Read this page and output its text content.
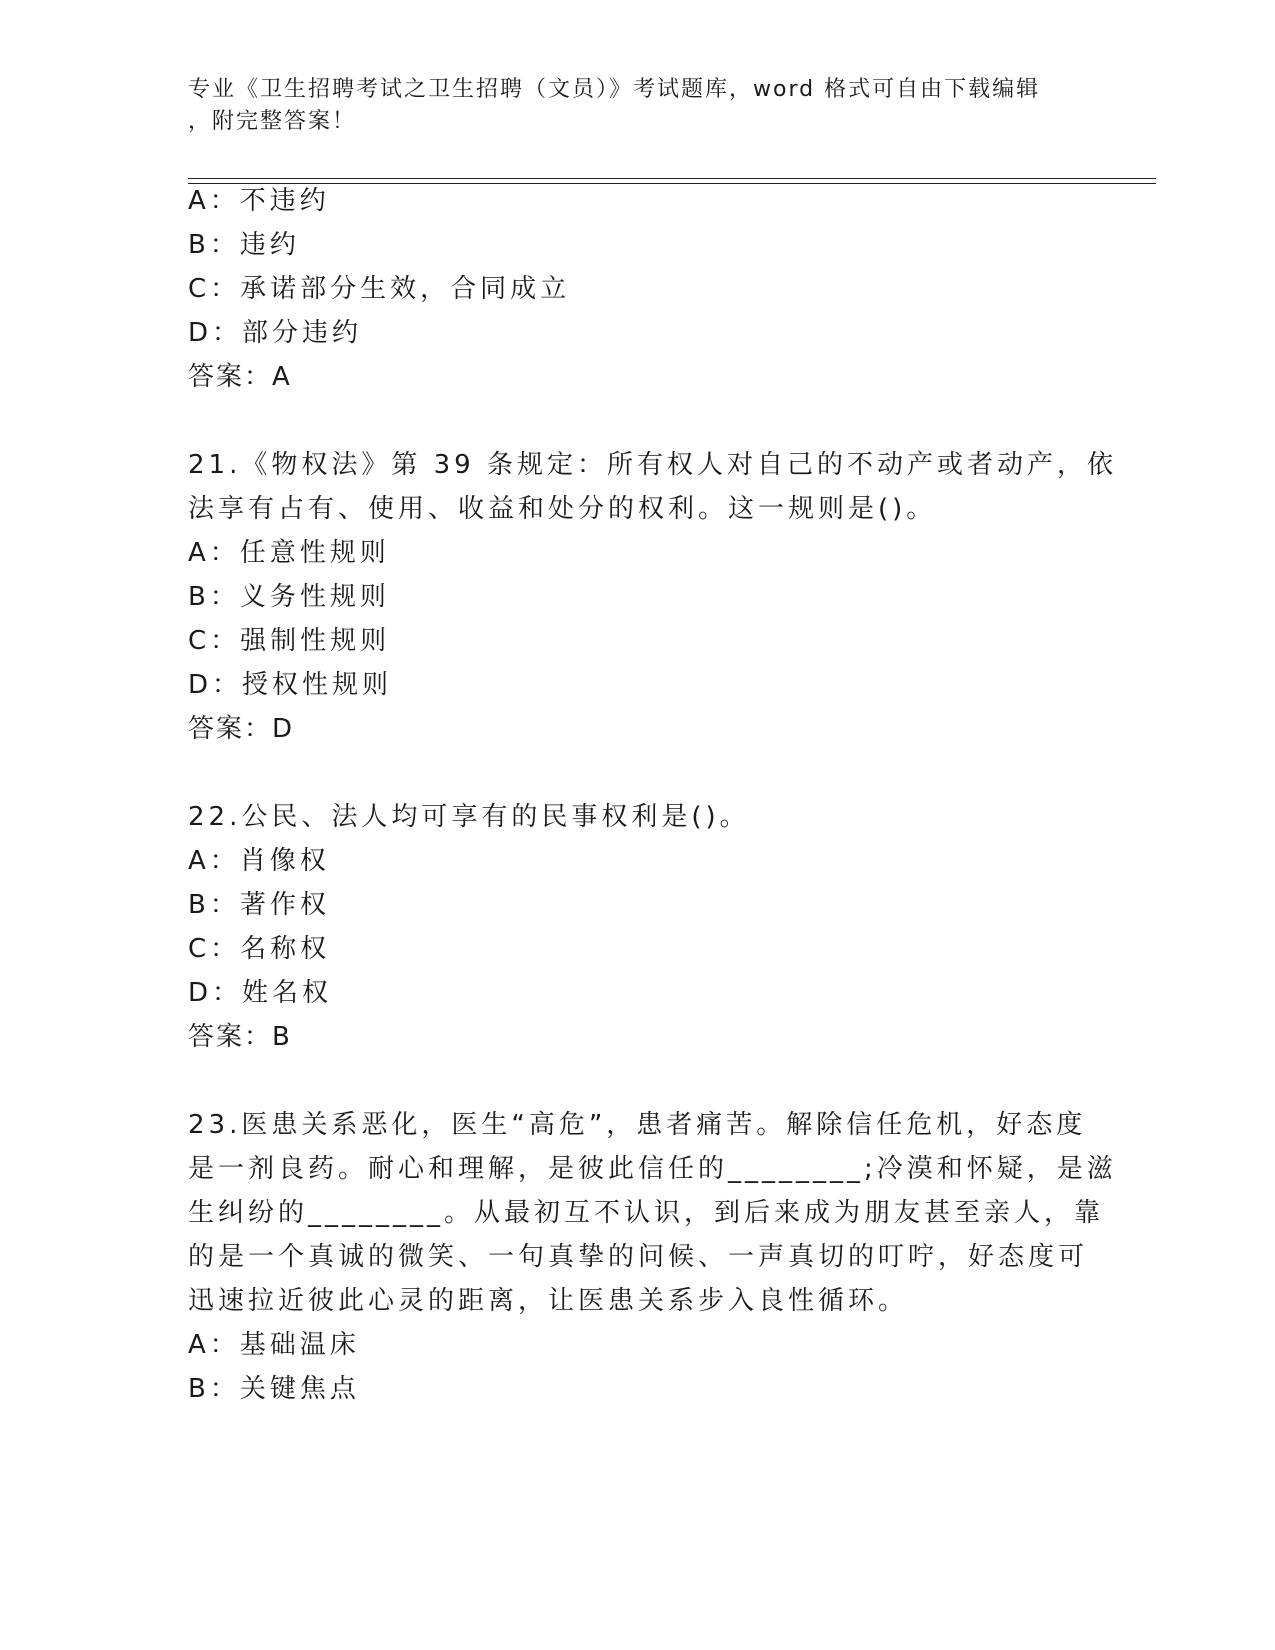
专业《卫生招聘考试之卫生招聘（文员）》考试题库，word 格式可自由下载编辑
，附完整答案！
A：不违约
B：违约
C：承诺部分生效，合同成立
D：部分违约
答案：A
21.《物权法》第 39 条规定：所有权人对自己的不动产或者动产，依
法享有占有、使用、收益和处分的权利。这一规则是()。
A：任意性规则
B：义务性规则
C：强制性规则
D：授权性规则
答案：D
22.公民、法人均可享有的民事权利是()。
A：肖像权
B：著作权
C：名称权
D：姓名权
答案：B
23.医患关系恶化，医生“高危”，患者痛苦。解除信任危机，好态度
是一剂良药。耐心和理解，是彼此信任的________;冷漠和怀疑，是滋
生纠纷的________。从最初互不认识，到后来成为朋友甚至亲人，靠
的是一个真诚的微笑、一句真挚的问候、一声真切的叮咛，好态度可
迅速拉近彼此心灵的距离，让医患关系步入良性循环。
A：基础温床
B：关键焦点
